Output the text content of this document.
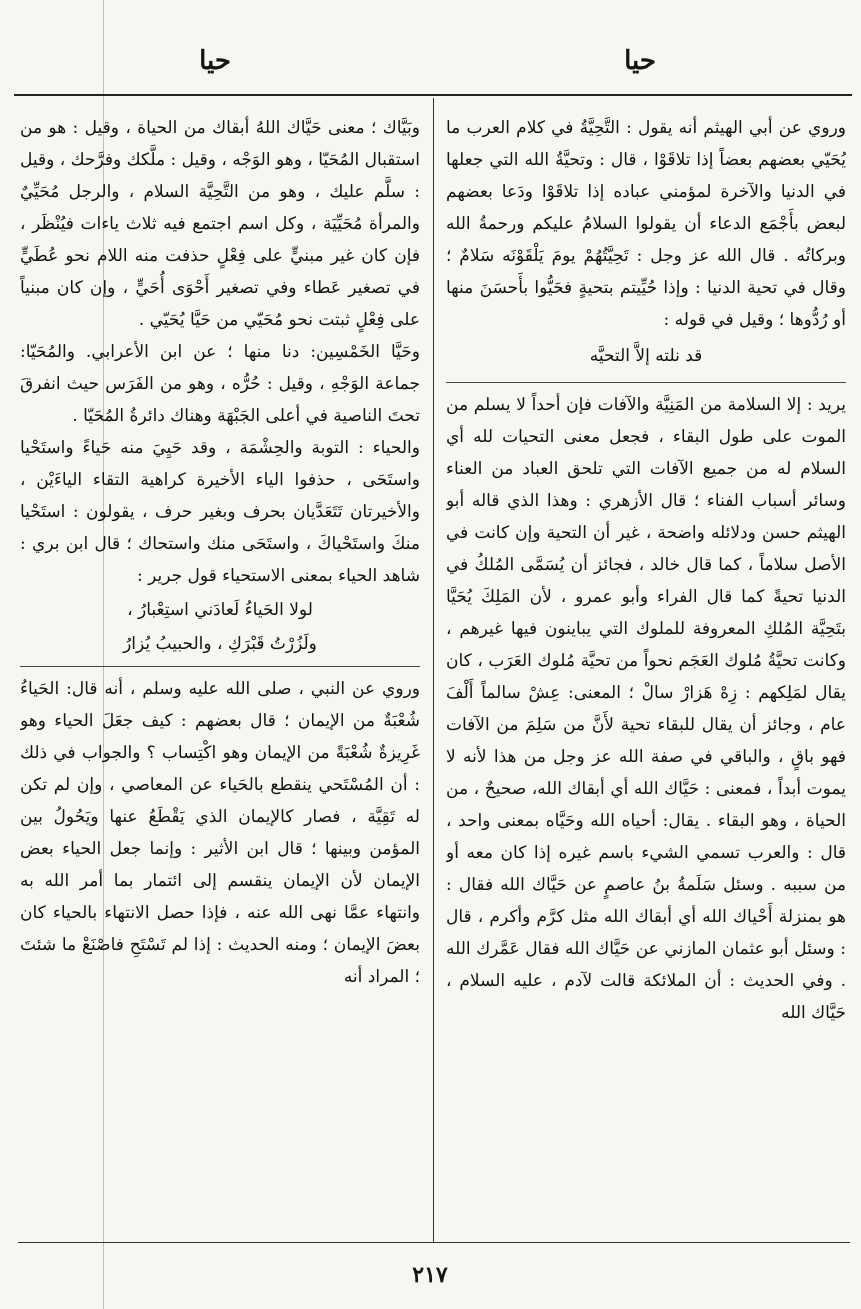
حيا
حيا

وروي عن أبي الهيثم أنه يقول : التَّحِيَّةُ في كلام العرب ما يُحَيّي بعضهم بعضاً إذا تلاقَوْا ، قال : وتحيَّةُ الله التي جعلها في الدنيا والآخرة لمؤمني عباده إذا تلاقَوْا ودَعا بعضهم لبعض بأَجْمَع الدعاء أن يقولوا السلامُ عليكم ورحمةُ الله وبركاتُه . قال الله عز وجل : تَحِيَّتُهُمْ يومَ يَلْقَوْنَه سَلامٌ ؛ وقال في تحية الدنيا : وإذا حُيِّيتم بتحيةٍ فحَيُّوا بأَحسَنَ منها أو رُدُّوها ؛ وقيل في قوله :

قد نلته إلاَّ التحيَّه

يريد : إلا السلامة من المَنِيَّة والآفات فإن أحداً لا يسلم من الموت على طول البقاء ، فجعل معنى التحيات لله أي السلام له من جميع الآفات التي تلحق العباد من العناء وسائر أسباب الفناء ؛ قال الأزهري : وهذا الذي قاله أبو الهيثم حسن ودلائله واضحة ، غير أن التحية وإن كانت في الأصل سلاماً ، كما قال خالد ، فجائز أن يُسَمَّى المُلكُ في الدنيا تحيةً كما قال الفراء وأبو عمرو ، لأن المَلِكَ يُحَيَّا بتَحِيَّة المُلكِ المعروفة للملوك التي يباينون فيها غيرهم ، وكانت تحيَّةُ مُلوك العَجَم نحواً من تحيَّة مُلوك العَرَب ، كان يقال لمَلِكهم : زِهْ هَزارْ سالْ ؛ المعنى: عِشْ سالماً أَلْفَ عام ، وجائز أن يقال للبقاء تحية لأَنَّ من سَلِمَ من الآفات فهو باقٍ ، والباقي في صفة الله عز وجل من هذا لأنه لا يموت أبداً ، فمعنى : حَيَّاك الله أي أبقاك الله، صحيحٌ ، من الحياة ، وهو البقاء . يقال: أحياه الله وحَيَّاه بمعنى واحد ، قال : والعرب تسمي الشيء باسم غيره إذا كان معه أو من سببه . وسئل سَلَمةُ بنُ عاصمٍ عن حَيَّاك الله فقال : هو بمنزلة أَحْياك الله أي أبقاك الله مثل كرَّم وأكرم ، قال : وسئل أبو عثمان المازني عن حَيَّاك الله فقال عَمَّرك الله . وفي الحديث : أن الملائكة قالت لآدم ، عليه السلام ، حَيَّاك الله

وبَيَّاك ؛ معنى حَيَّاك اللهُ أبقاك من الحياة ، وقيل : هو من استقبال المُحَيّا ، وهو الوَجْه ، وقيل : ملَّكك وفرَّحك ، وقيل : سلَّم عليك ، وهو من التَّحِيَّة السلام ، والرجل مُحَيِّيٌ والمرأة مُحَيِّيَة ، وكل اسم اجتمع فيه ثلاث ياءات فيُنْظَر ، فإن كان غير مبنيٍّ على فِعْلٍ حذفت منه اللام نحو عُطَيٍّ في تصغير عَطاء وفي تصغير أَحْوَى أُحَيٍّ ، وإن كان مبنياً على فِعْلٍ ثبتت نحو مُحَيّي من حَيَّا يُحَيّي .

وحَيَّا الخَمْسِين: دنا منها ؛ عن ابن الأعرابي. والمُحَيّا: جماعة الوَجْهِ ، وقيل : حُرُّه ، وهو من الفَرَس حيث انفرقَ تحتَ الناصية في أعلى الجَبْهَة وهناك دائرةُ المُحَيّا .

والحياء : التوبة والحِشْمَة ، وقد حَيِيَ منه حَياءً واستَحْيا واستَحَى ، حذفوا الياء الأخيرة كراهية التقاء الياءَيْن ، والأخيرتان تَتَعَدَّيان بحرف وبغير حرف ، يقولون : استَحْيا منكَ واستَحْياكَ ، واستَحَى منك واستحاك ؛ قال ابن بري : شاهد الحياء بمعنى الاستحياء قول جرير :

لولا الحَياءُ لَعادَني استِعْبارُ ،

ولَزُرْتُ قَبْرَكِ ، والحبيبُ يُزارُ

وروي عن النبي ، صلى الله عليه وسلم ، أنه قال: الحَياءُ شُعْبَةٌ من الإيمان ؛ قال بعضهم : كيف جعَلَ الحياء وهو غَرِيزةٌ شُعْبَةً من الإيمان وهو اكْتِساب ؟ والجواب في ذلك : أن المُسْتَحي ينقطع بالحَياء عن المعاصي ، وإن لم تكن له تَقِيَّة ، فصار كالإيمان الذي يَقْطَعُ عنها ويَحُولُ بين المؤمن وبينها ؛ قال ابن الأثير : وإنما جعل الحياء بعض الإيمان لأن الإيمان ينقسم إلى ائتمار بما أمر الله به وانتهاء عمَّا نهى الله عنه ، فإذا حصل الانتهاء بالحياء كان بعضَ الإيمان ؛ ومنه الحديث : إذا لم تَسْتَحِ فاصْنَعْ ما شئتَ ؛ المراد أنه

٢١٧
